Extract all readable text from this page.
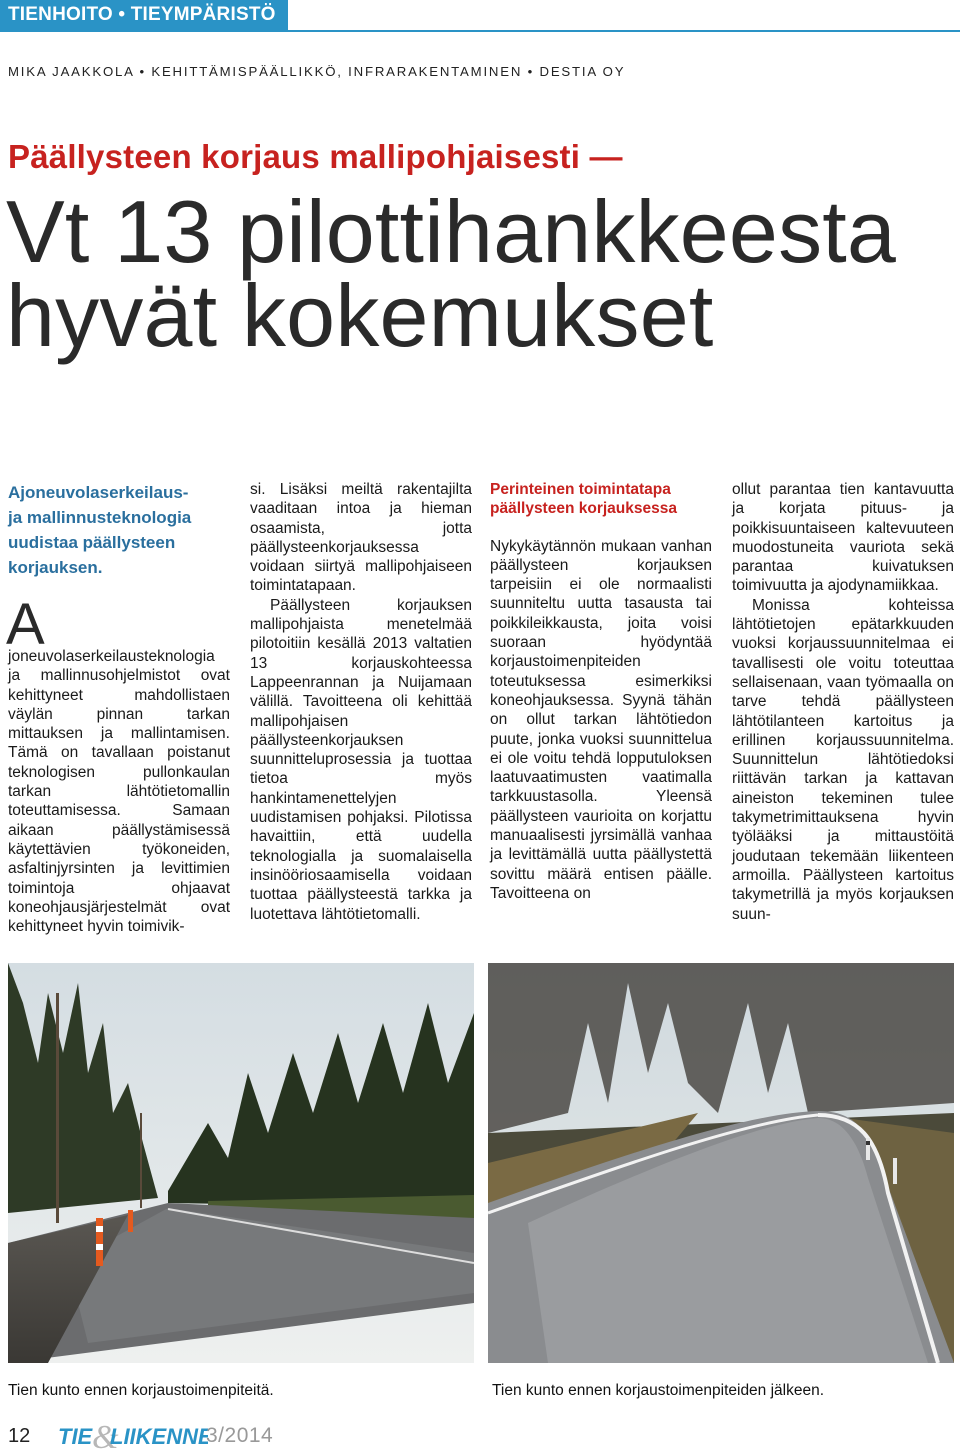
TIENHOITO • TIEYMPÄRISTÖ
MIKA JAAKKOLA • KEHITTÄMISPÄÄLLIKKÖ, INFRARAKENTAMINEN • DESTIA OY
Päällysteen korjaus mallipohjaisesti —
Vt 13 pilottihankkeesta
hyvät kokemukset
Ajoneuvolaserkeilaus-
ja mallinnusteknologia
uudistaa päällysteen
korjauksen.

A
joneuvolaserkeilausteknologia ja mallinnusohjelmistot ovat kehittyneet mahdollistaen väylän pinnan tarkan mittauksen ja mallintamisen. Tämä on tavallaan poistanut teknologisen pullonkaulan tarkan lähtötietomallin toteuttamisessa. Samaan aikaan päällystämisessä käytettävien työkoneiden, asfaltinjyrsinten ja levittimien toimintoja ohjaavat koneohjausjärjestelmät ovat kehittyneet hyvin toimivik-

si. Lisäksi meiltä rakentajilta vaaditaan intoa ja hieman osaamista, jotta päällysteenkorjauksessa voidaan siirtyä mallipohjaiseen toimintatapaan.

Päällysteen korjauksen mallipohjaista menetelmää pilotoitiin kesällä 2013 valtatien 13 korjauskohteessa Lappeenrannan ja Nuijamaan välillä. Tavoitteena oli kehittää mallipohjaisen päällysteenkorjauksen suunnitteluprosessia ja tuottaa tietoa myös hankintamenettelyjen uudistamisen pohjaksi. Pilotissa havaittiin, että uudella teknologialla ja suomalaisella insinööriosaamisella voidaan tuottaa päällysteestä tarkka ja luotettava lähtötietomalli.

Perinteinen toimintatapa
päällysteen korjauksessa

Nykykäytännön mukaan vanhan päällysteen korjauksen tarpeisiin ei ole normaalisti suunniteltu uutta tasausta tai poikkileikkausta, joita voisi suoraan hyödyntää korjaustoimenpiteiden toteutuksessa esimerkiksi koneohjauksessa. Syynä tähän on ollut tarkan lähtötiedon puute, jonka vuoksi suunnittelua ei ole voitu tehdä lopputuloksen laatuvaatimusten vaatimalla tarkkuustasolla. Yleensä päällysteen vaurioita on korjattu manuaalisesti jyrsimällä vanhaa ja levittämällä uutta päällystettä sovittu määrä entisen päälle. Tavoitteena on

ollut parantaa tien kantavuutta ja korjata pituus- ja poikkisuuntaiseen kaltevuuteen muodostuneita vauriota sekä parantaa kuivatuksen toimivuutta ja ajodynamiikkaa.

Monissa kohteissa lähtötietojen epätarkkuuden vuoksi korjaussuunnitelmaa ei tavallisesti ole voitu toteuttaa sellaisenaan, vaan työmaalla on tarve tehdä päällysteen lähtötilanteen kartoitus ja erillinen korjaussuunnitelma. Suunnittelun lähtötiedoksi riittävän tarkan ja kattavan aineiston tekeminen tulee takymetrimittauksena hyvin työlääksi ja mittaustöitä joudutaan tekemään liikenteen armoilla. Päällysteen kartoitus takymetrillä ja myös korjauksen suun-

Tien kunto ennen korjaustoimenpiteitä.	Tien kunto ennen korjaustoimenpiteiden jälkeen.
12 TIE &
LIIKENNE
3/2014
